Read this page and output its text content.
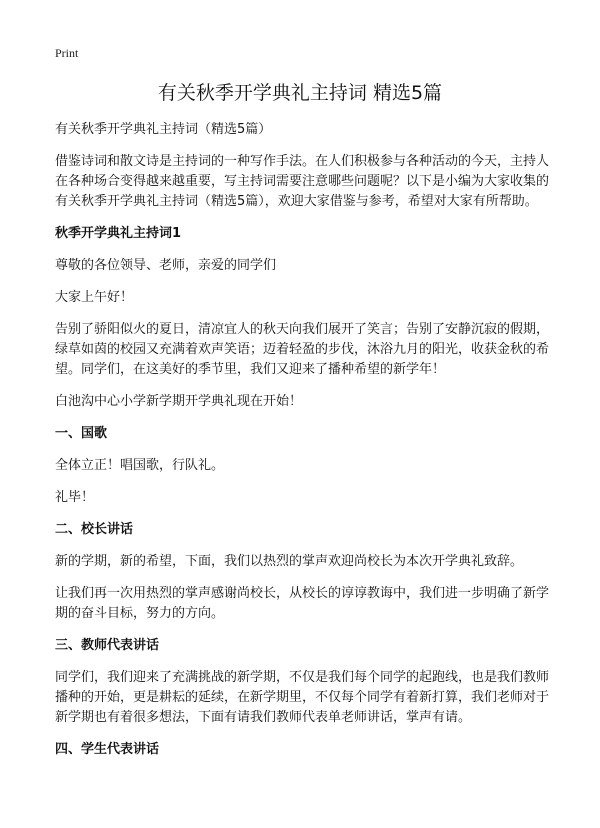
Print
有关秋季开学典礼主持词 精选5篇

有关秋季开学典礼主持词（精选5篇）

借鉴诗词和散文诗是主持词的一种写作手法。在人们积极参与各种活动的今天，主持人在各种场合变得越来越重要，写主持词需要注意哪些问题呢？以下是小编为大家收集的有关秋季开学典礼主持词（精选5篇），欢迎大家借鉴与参考，希望对大家有所帮助。

秋季开学典礼主持词1

尊敬的各位领导、老师，亲爱的同学们

大家上午好！

告别了骄阳似火的夏日，清凉宜人的秋天向我们展开了笑言；告别了安静沉寂的假期，绿草如茵的校园又充满着欢声笑语；迈着轻盈的步伐，沐浴九月的阳光，收获金秋的希望。同学们，在这美好的季节里，我们又迎来了播种希望的新学年！

白池沟中心小学新学期开学典礼现在开始！

一、国歌

全体立正！唱国歌，行队礼。

礼毕！

二、校长讲话

新的学期，新的希望，下面，我们以热烈的掌声欢迎尚校长为本次开学典礼致辞。

让我们再一次用热烈的掌声感谢尚校长，从校长的谆谆教诲中，我们进一步明确了新学期的奋斗目标，努力的方向。

三、教师代表讲话

同学们，我们迎来了充满挑战的新学期，不仅是我们每个同学的起跑线，也是我们教师播种的开始，更是耕耘的延续，在新学期里，不仅每个同学有着新打算，我们老师对于新学期也有着很多想法，下面有请我们教师代表单老师讲话，掌声有请。

四、学生代表讲话
